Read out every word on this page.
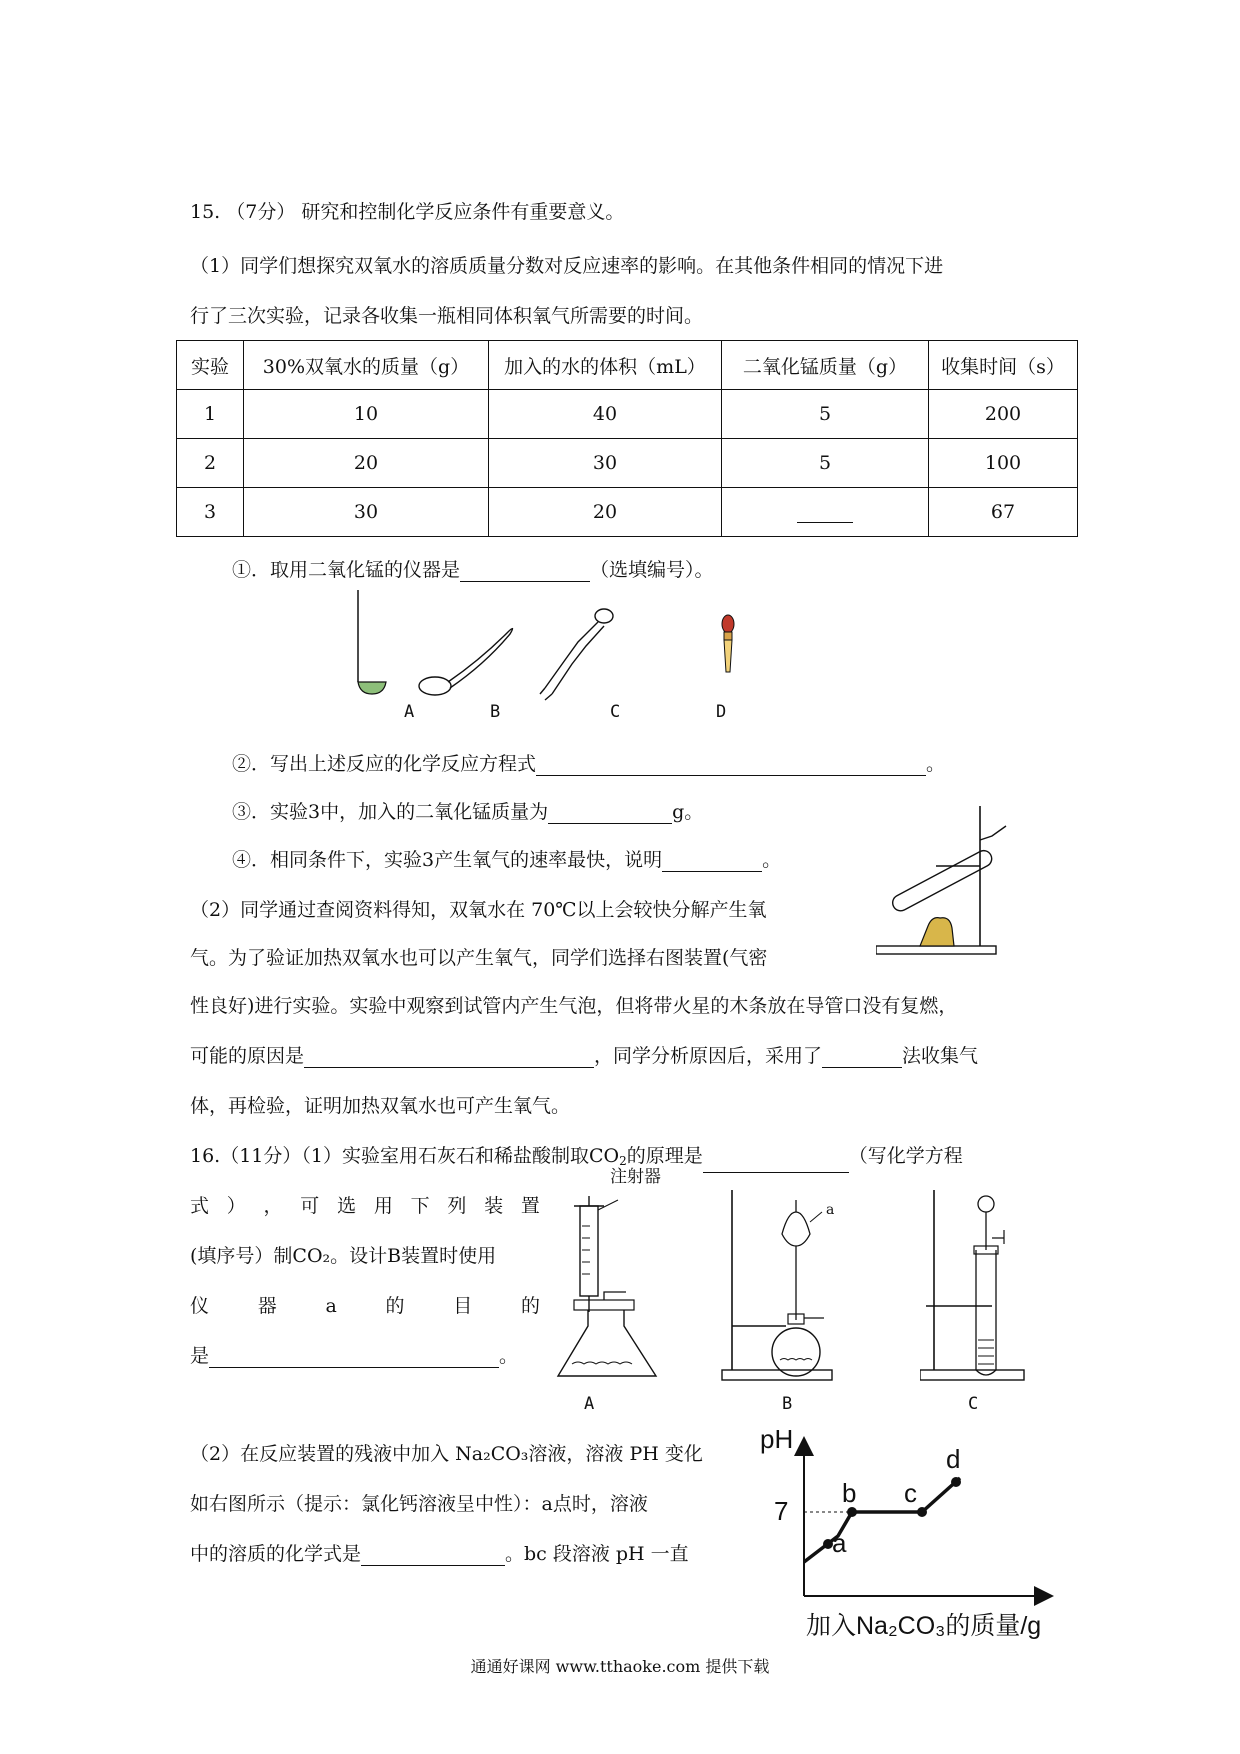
15. （7分） 研究和控制化学反应条件有重要意义。
（1）同学们想探究双氧水的溶质质量分数对反应速率的影响。在其他条件相同的情况下进
行了三次实验，记录各收集一瓶相同体积氧气所需要的时间。
实验	30%双氧水的质量（g）	加入的水的体积（mL）	二氧化锰质量（g）	收集时间（s）
1	10	40	5	200
2	20	30	5	100
3	30	20		67
①．取用二氧化锰的仪器是	（选填编号）。
A	B	C	D
②．写出上述反应的化学反应方程式	。
③．实验3中，加入的二氧化锰质量为	g。
④．相同条件下，实验3产生氧气的速率最快，说明	。
（2）同学通过查阅资料得知，双氧水在 70℃以上会较快分解产生氧
气。为了验证加热双氧水也可以产生氧气，同学们选择右图装置(气密
性良好)进行实验。实验中观察到试管内产生气泡，但将带火星的木条放在导管口没有复燃，
可能的原因是	，同学分析原因后，采用了	法收集气
体，再检验，证明加热双氧水也可产生氧气。
16.（11分）（1）实验室用石灰石和稀盐酸制取$CO_2$的原理是	（写化学方程
式 ） ， 可 选 用 下 列 装 置
(填序号）制CO₂。设计B装置时使用
仪	器	a	的	目	的
是	。
注射器
A
a
B	C
（2）在反应装置的残液中加入 Na₂CO₃溶液，溶液 PH 变化
如右图所示（提示：氯化钙溶液呈中性）：a点时，溶液
中的溶质的化学式是	。bc 段溶液 pH 一直
pH
7
a
b c
d
加入Na₂CO₃的质量/g
通通好课网 www.tthaoke.com 提供下载
